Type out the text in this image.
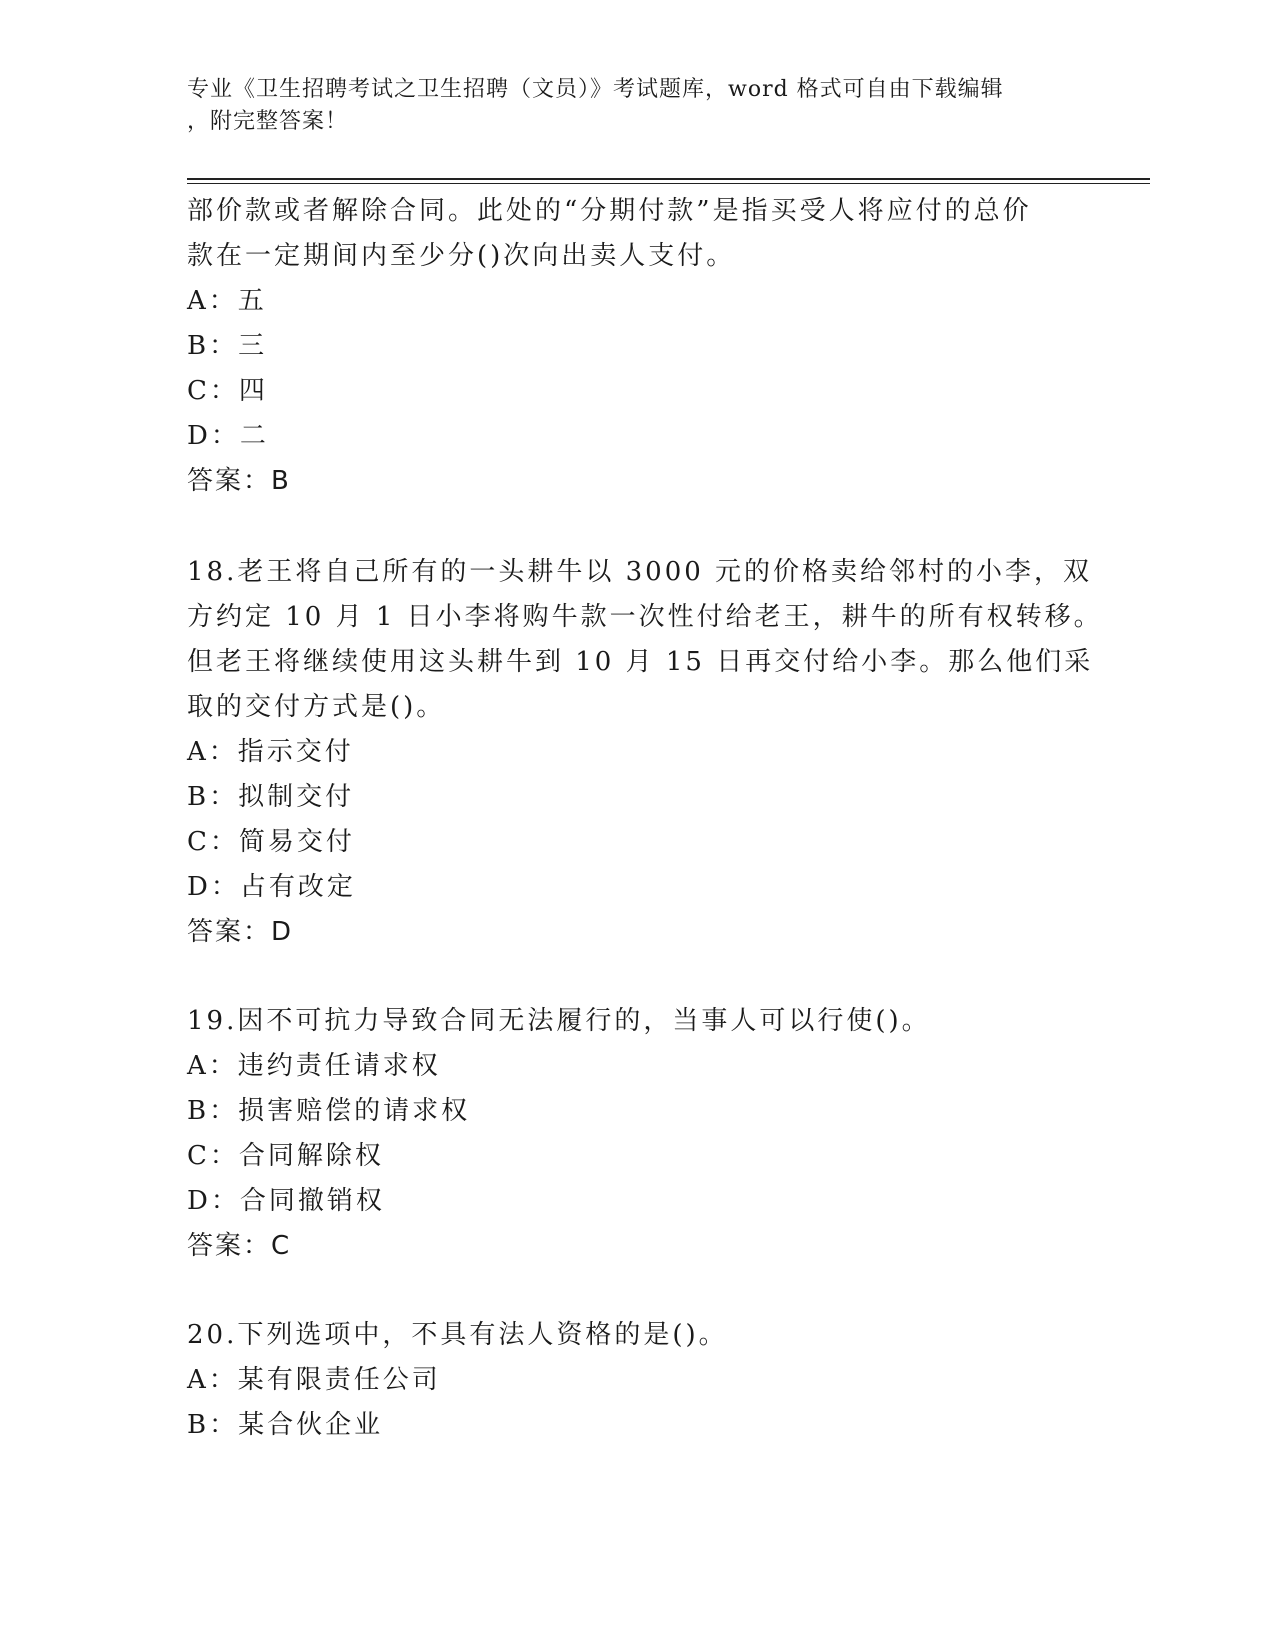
专业《卫生招聘考试之卫生招聘（文员）》考试题库，word 格式可自由下载编辑
，附完整答案！
部价款或者解除合同。此处的“分期付款”是指买受人将应付的总价
款在一定期间内至少分()次向出卖人支付。
A：五
B：三
C：四
D：二
答案：B
18.老王将自己所有的一头耕牛以 3000 元的价格卖给邻村的小李，双
方约定 10 月 1 日小李将购牛款一次性付给老王，耕牛的所有权转移。
但老王将继续使用这头耕牛到 10 月 15 日再交付给小李。那么他们采
取的交付方式是()。
A：指示交付
B：拟制交付
C：简易交付
D：占有改定
答案：D
19.因不可抗力导致合同无法履行的，当事人可以行使()。
A：违约责任请求权
B：损害赔偿的请求权
C：合同解除权
D：合同撤销权
答案：C
20.下列选项中，不具有法人资格的是()。
A：某有限责任公司
B：某合伙企业
